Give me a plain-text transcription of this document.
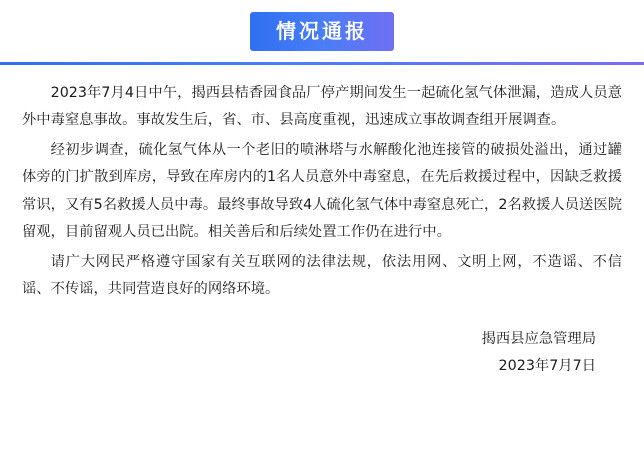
情况通报

2023年7月4日中午，揭西县桔香园食品厂停产期间发生一起硫化氢气体泄漏，造成人员意外中毒窒息事故。事故发生后，省、市、县高度重视，迅速成立事故调查组开展调查。

经初步调查，硫化氢气体从一个老旧的喷淋塔与水解酸化池连接管的破损处溢出，通过罐体旁的门扩散到库房，导致在库房内的1名人员意外中毒窒息，在先后救援过程中，因缺乏救援常识，又有5名救援人员中毒。最终事故导致4人硫化氢气体中毒窒息死亡，2名救援人员送医院留观，目前留观人员已出院。相关善后和后续处置工作仍在进行中。

请广大网民严格遵守国家有关互联网的法律法规，依法用网、文明上网，不造谣、不信谣、不传谣，共同营造良好的网络环境。

揭西县应急管理局
2023年7月7日
